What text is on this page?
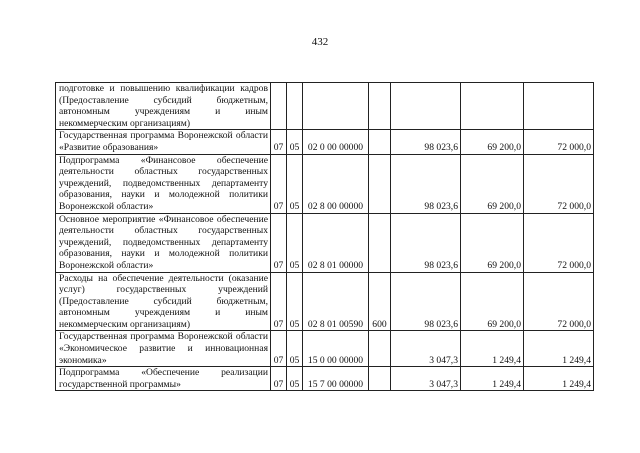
432
подготовке и повышению квалификации кадров (Предоставление субсидий бюджетным, автономным учреждениям и иным некоммерческим организациям)							
Государственная программа Воронежской области «Развитие образования»	07	05	02 0 00 00000		98 023,6	69 200,0	72 000,0
Подпрограмма «Финансовое обеспечение деятельности областных государственных учреждений, подведомственных департаменту образования, науки и молодежной политики Воронежской области»	07	05	02 8 00 00000		98 023,6	69 200,0	72 000,0
Основное мероприятие «Финансовое обеспечение деятельности областных государственных учреждений, подведомственных департаменту образования, науки и молодежной политики Воронежской области»	07	05	02 8 01 00000		98 023,6	69 200,0	72 000,0
Расходы на обеспечение деятельности (оказание услуг) государственных учреждений (Предоставление субсидий бюджетным, автономным учреждениям и иным некоммерческим организациям)	07	05	02 8 01 00590	600	98 023,6	69 200,0	72 000,0
Государственная программа Воронежской области «Экономическое развитие и инновационная экономика»	07	05	15 0 00 00000		3 047,3	1 249,4	1 249,4
Подпрограмма «Обеспечение реализации государственной программы»	07	05	15 7 00 00000		3 047,3	1 249,4	1 249,4
